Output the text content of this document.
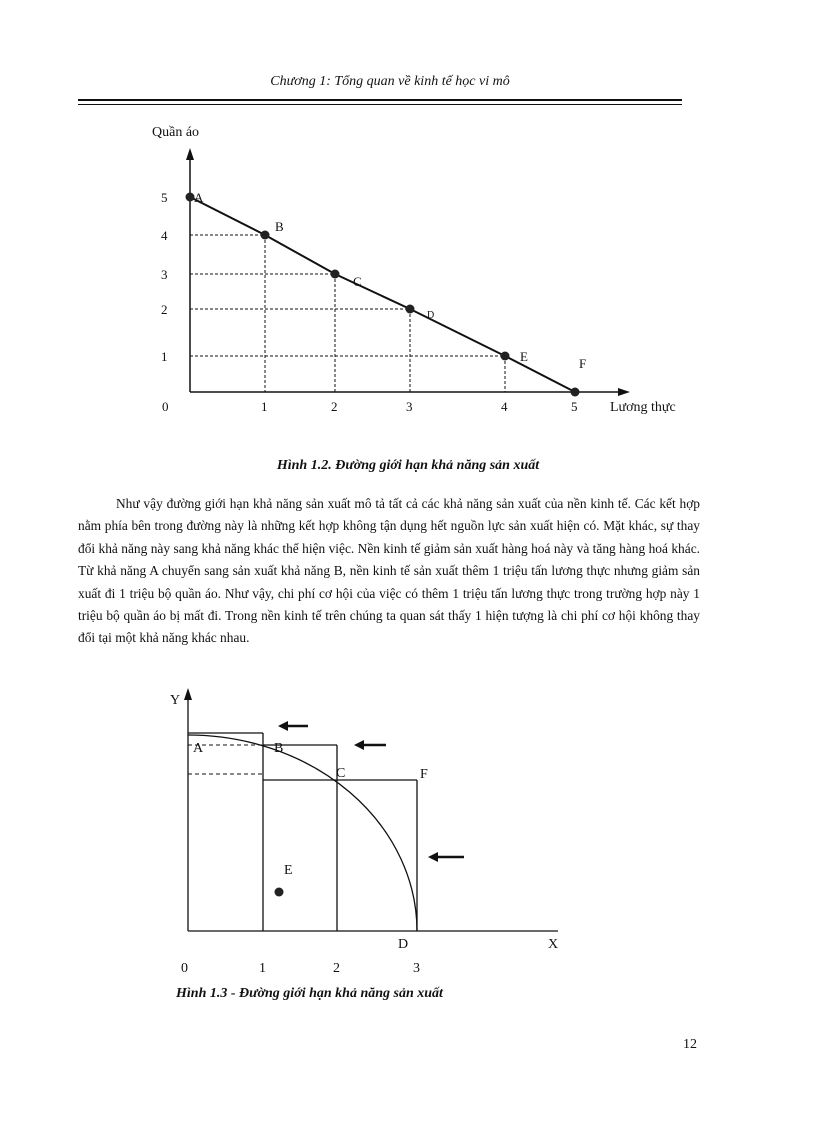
Chương 1: Tổng quan về kinh tế học vi mô
Quần áo
Lương thực
0
1
2
3
4
5
1	2	3	4	5
A
B
C
D
E	F
Hình 1.2. Đường giới hạn khả năng sản xuất

Như vậy đường giới hạn khả năng sản xuất mô tả tất cả các khả năng sản xuất của nền kinh tế. Các kết hợp nằm phía bên trong đường này là những kết hợp không tận dụng hết nguồn lực sản xuất hiện có. Mặt khác, sự thay đổi khả năng này sang khả năng khác thể hiện việc. Nền kinh tế giảm sản xuất hàng hoá này và tăng hàng hoá khác. Từ khả năng A chuyển sang sản xuất khả năng B, nền kinh tế sản xuất thêm 1 triệu tấn lương thực nhưng giảm sản xuất đi 1 triệu bộ quần áo. Như vậy, chi phí cơ hội của việc có thêm 1 triệu tấn lương thực trong trường hợp này 1 triệu bộ quần áo bị mất đi. Trong nền kinh tế trên chúng ta quan sát thấy 1 hiện tượng là chi phí cơ hội không thay đổi tại một khả năng khác nhau.

Y
X
0	1	2	3
A	B
C
D
E
F
Hình 1.3 - Đường giới hạn khả năng sản xuất
12
